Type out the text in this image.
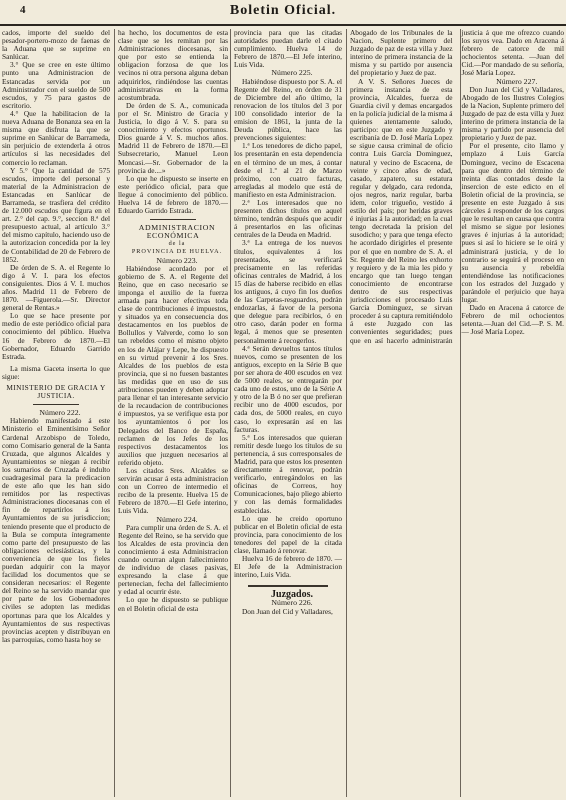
4	Boletin Oficial.

cados, importe del sueldo del pesador-portero-mozo de faenas de la Aduana que se suprime en Sanlúcar.

3.° Que se cree en este último punto una Administracion de Estancadas servida por un Administrador con el sueldo de 500 escudos, y 75 para gastos de escritorio.

4.° Que la habilitacion de la nueva Aduana de Bonanza sea en la misma que disfruta la que se suprime en Sanlúcar de Barrameda, sin perjuicio de extenderla á otros artículos si las necesidades del comercio lo reclaman.

Y 5.° Que la cantidad de 575 escudos, importe del personal y material de la Administracion de Estancadas en Sanlúcar de Barrameda, se trasfiera del crédito de 12.000 escudos que figura en el art. 2.° del cap. 9.°, seccion 8.ª del presupuesto actual, al artículo 3.° del mismo capítulo, haciendo uso de la autorizacion concedida por la ley de Contabilidad de 20 de Febrero de 1852.

De órden de S. A. el Regente lo digo á V. I. para los efectos consiguientes. Dios á V. I. muchos años. Madrid 11 de Febrero de 1870. —Figuerola.—Sr. Director general de Rentas.»

Lo que se hace presente por medio de este periódico oficial para conocimiento del público. Huelva 16 de Febrero de 1870.—El Gobernador, Eduardo Garrido Estrada.

La misma Gaceta inserta lo que sigue:

MINISTERIO DE GRACIA Y JUSTICIA.

Número 222.

Habiendo manifestado á este Ministerio el Eminentísimo Señor Cardenal Arzobispo de Toledo, como Comisario general de la Santa Cruzada, que algunos Alcaldes y Ayuntamientos se niegan á recibir los sumarios de Cruzada é indulto cuadragesimal para la predicacion de este año que les han sido remitidos por las respectivas Administraciones diocesanas con el fin de repartirlos á los Ayuntamientos de su jurisdiccion; teniendo presente que el producto de la Bula se computa íntegramente como parte del presupuesto de las obligaciones eclesiásticas, y la conveniencia de que los fieles puedan adquirir con la mayor facilidad los documentos que se consideran necesarios: el Regente del Reino se ha servido mandar que por parte de los Gobernadores civiles se adopten las medidas oportunas para que los Alcaldes y Ayuntamientos de sus respectivas provincias acepten y distribuyan en las parroquias, como hasta hoy se

ha hecho, los documentos de esta clase que se les remitan por las Administraciones diocesanas, sin que por esto se entienda la obligacion forzosa de que los vecinos ni otra persona alguna deban adquirirlos, rindiéndose las cuentas administrativas en la forma acostumbrada.

De órden de S. A., comunicada por el Sr. Ministro de Gracia y Justicia, lo digo á V. S. para su conocimiento y efectos oportunos. Dios guarde á V. S. muchos años. Madrid 11 de Febrero de 1870.—El Subsecretario, Manuel Leon Moncasi.—Sr. Gobernador de la provincia de....»

Lo que he dispuesto se inserte en este periódico oficial, para que llegue á conocimiento del público. Huelva 14 de febrero de 1870.— Eduardo Garrido Estrada.

ADMINISTRACION ECONÓMICA

de la

PROVINCIA DE HUELVA.

Número 223.

Habiéndose acordado por el gobierno de S. A. el Regente del Reino, que en caso necesario se imponga el auxilio de la fuerza armada para hacer efectivas toda clase de contribuciones é impuestos, y situados ya en consecuencia dos destacamentos en los pueblos de Bollullos y Valverde, como lo son tan rebeldes como el mismo objeto en los de Alájar y Lepe, he dispuesto en su virtud prevenir á los Sres. Alcaldes de los pueblos de esta provincia, que si no fuesen bastantes las medidas que en uso de sus atribuciones pueden y deben adoptar para llenar el tan interesante servicio de la recaudacion de contribuciones é impuestos, ya se verifique esta por los ayuntamientos ó por los Delegados del Banco de España, reclamen de los Jefes de los respectivos destacamentos los auxilios que juzguen necesarios al referido objeto.

Los citados Sres. Alcaldes se servirán acusar á esta administracion con un Correo de intermedio el recibo de la presente. Huelva 15 de Febrero de 1870.—El Gefe interino, Luis Vida.

Número 224.

Para cumplir una órden de S. A. el Regente del Reino, se ha servido que los Alcaldes de esta provincia den conocimiento á esta Administracion cuando ocurran algun fallecimiento de individuo de clases pasivas, expresando la clase á que pertenecian, fecha del fallecimiento y edad al ocurrir éste.

Lo que he dispuesto se publique en el Boletin oficial de esta

provincia para que las citadas autoridades puedan darle el citado cumplimiento. Huelva 14 de Febrero de 1870.—El Jefe interino, Luis Vida.

Número 225.

Habiéndose dispuesto por S. A. el Regente del Reino, en órden de 31 de Diciembre del año último, la renovacion de los títulos del 3 por 100 consolidado interior de la emision de 1861, la junta de la Deuda pública, hace las prevenciones siguientes:

1.ª Los tenedores de dicho papel, los presentarán en esta dependencia en el término de un mes, á contar desde el 1.º al 21 de Marzo próximo, con cuatro facturas, arregladas al modelo que está de manifiesto en esta Administracion.

2.ª Los interesados que no presenten dichos títulos en aquel término, tendrán después que acudir á presentarlos en las oficinas centrales de la Deuda en Madrid.

3.ª La entrega de los nuevos títulos, equivalentes á los presentados, se verificará precisamente en las referidas oficinas centrales de Madrid, á los 15 días de haberse recibido en ellas los antiguos, á cuyo fin los dueños de las Carpetas-resguardos, podrán endozarlas, á favor de la persona que delegue para recibirlos, ó en otro caso, darán poder en forma legal, á menos que se presenten personalmente á recogerlos.

4.ª Serán devueltos tantos títulos nuevos, como se presenten de los antiguos, excepto en la Série B que por ser ahora de 400 escudos en vez de 5000 reales, se entregarán por cada uno de estos, uno de la Série A y otro de la B ó no ser que prefieran recibir uno de 4000 escudos, por cada dos, de 5000 reales, en cuyo caso, lo expresarán así en las facturas.

5.ª Los interesados que quieran remitir desde luego los títulos de su pertenencia, á sus corresponsales de Madrid, para que estos los presenten directamente á renovar, podrán verificarlo, entregándolos en las oficinas de Correos, hoy Comunicaciones, bajo pliego abierto y con las demás formalidades establecidas.

Lo que he creido oportuno publicar en el Boletin oficial de esta provincia, para conocimiento de los tenedores del papel de la citada clase, llamado á renovar.

Huelva 16 de febrero de 1870. —El Jefe de la Administracion interino, Luis Vida.

Juzgados.

Número 226.

Don Juan del Cid y Valladares,

Abogado de los Tribunales de la Nacion, Suplente primero del Juzgado de paz de esta villa y Juez interino de primera instancia de la misma y su partido por ausencia del propietario y Juez de paz.

A V. S. Señores Jueces de primera instancia de esta provincia, Alcaldes, fuerza de Guardia civil y demas encargados en la policía judicial de la misma á quienes atentamente saludo, participo: que en este Juzgado y escribanía de D. José María Lopez se sigue causa criminal de oficio contra Luis García Dominguez, natural y vecino de Escacena, de veinte y cinco años de edad, casado, zapatero, su estatura regular y delgado, cara redonda, ojos negros, nariz regular, barba idem, color trigueño, vestido á estilo del país; por heridas graves é injurias á la autoridad; en la cual tengo decretada la prision del susodicho; y para que tenga efecto he acordado dirigirles el presente por el que en nombre de S. A. el Sr. Regente del Reino les exhorto y requiero y de la mia les pido y encargo que tan luego tengan conocimiento de encontrarse dentro de sus respectivas jurisdicciones el procesado Luis García Dominguez, se sirvan proceder á su captura remitiéndolo á este Juzgado con las convenientes seguridades; pues que en así hacerlo administrarán justicia á que me ofrezco cuando los suyos vea. Dado en Aracena á febrero de catorce de mil ochocientos setenta. —Juan del Cid.—Por mandado de su señoría, José María Lopez.

Número 227.

Don Juan del Cid y Valladares, Abogado de los Ilustres Colegios de la Nacion, Suplente primero del Juzgado de paz de esta villa y Juez interino de primera instancia de la misma y partido por ausencia del propietario y Juez de paz.

Por el presente, cito llamo y emplazo á Luis García Dominguez, vecino de Escacena para que dentro del término de treinta días contados desde la insercion de este edicto en el Boletin oficial de la provincia, se presente en este Juzgado á sus cárceles á responder de los cargos que le resultan en causa que contra el mismo se sigue por lesiones graves é injurias á la autoridad; pues si así lo hiciere se le oirá y administrará justicia, y de lo contrario se seguirá el proceso en su ausencia y rebeldía entendiéndose las notificaciones con los estrados del Juzgado y parándole el perjuicio que haya lugar.

Dado en Aracena á catorce de Febrero de mil ochocientos setenta.—Juan del Cid.—P. S. M.— José María Lopez.
